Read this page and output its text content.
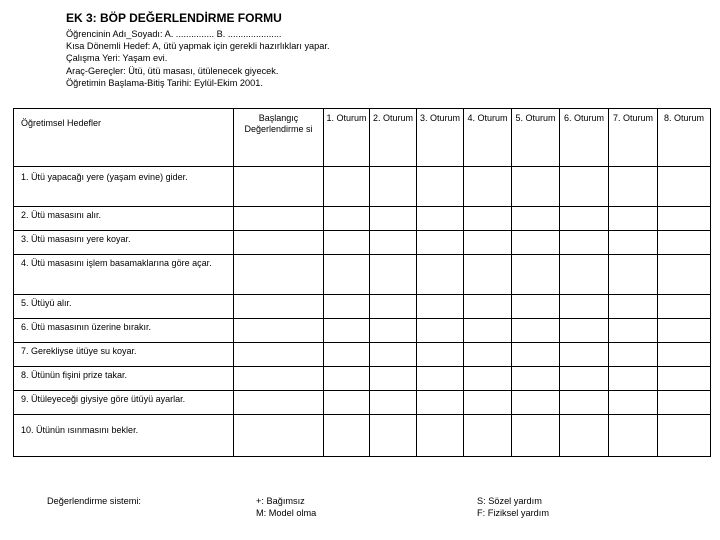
EK 3: BÖP DEĞERLENDİRME FORMU
Öğrencinin Adı_Soyadı: A. ............... B. .....................
Kısa Dönemli Hedef: A, ütü yapmak için gerekli hazırlıkları yapar.
Çalışma Yeri: Yaşam evi.
Araç-Gereçler: Ütü, ütü masası, ütülenecek giyecek.
Öğretimin Başlama-Bitiş Tarihi: Eylül-Ekim 2001.
Öğretimsel Hedefler	Başlangıç Değerlendirme si	1. Oturum	2. Oturum	3. Oturum	4. Oturum	5. Oturum	6. Oturum	7. Oturum	8. Oturum
1. Ütü yapacağı yere (yaşam evine) gider.									
2. Ütü masasını alır.									
3. Ütü masasını yere koyar.									
4. Ütü masasını işlem basamaklarına göre açar.									
5. Ütüyü alır.									
6. Ütü masasının üzerine bırakır.									
7. Gerekliyse ütüye su koyar.									
8. Ütünün fişini prize takar.									
9. Ütüleyeceği giysiye göre ütüyü ayarlar.									
10. Ütünün ısınmasını bekler.									
Değerlendirme sistemi:	+: Bağımsız
M: Model olma
S: Sözel yardım
F: Fiziksel yardım
